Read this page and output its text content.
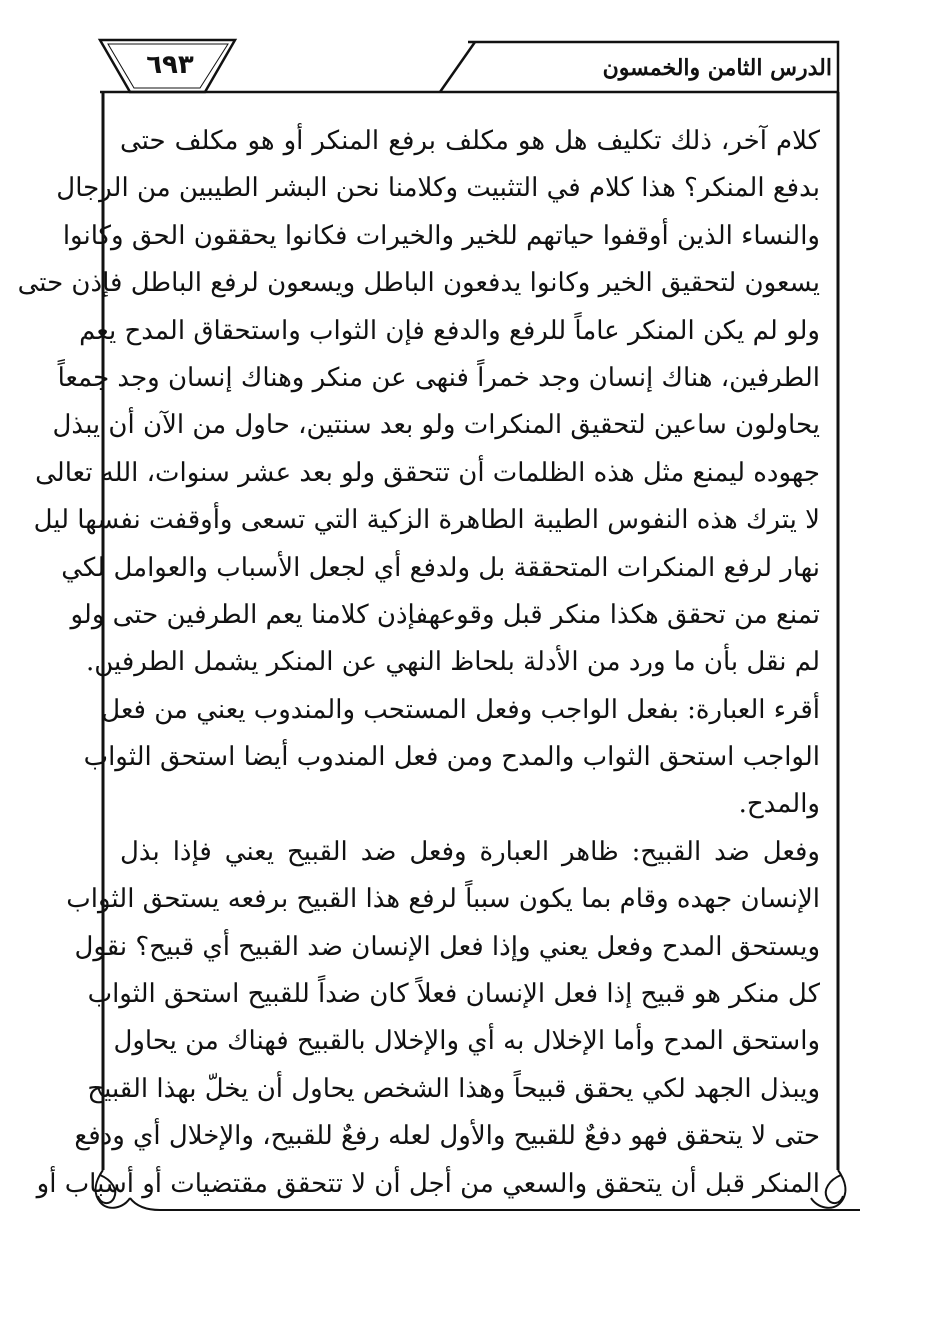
الدرس الثامن والخمسون
٦٩٣
كلام آخر، ذلك تكليف هل هو مكلف برفع المنكر أو هو مكلف حتى
بدفع المنكر؟ هذا كلام في التثبيت وكلامنا نحن البشر الطيبين من الرجال
والنساء الذين أوقفوا حياتهم للخير والخيرات فكانوا يحققون الحق وكانوا
يسعون لتحقيق الخير وكانوا يدفعون الباطل ويسعون لرفع الباطل فإذن حتى
ولو لم يكن المنكر عاماً للرفع والدفع فإن الثواب واستحقاق المدح يعم
الطرفين، هناك إنسان وجد خمراً فنهى عن منكر وهناك إنسان وجد جمعاً
يحاولون ساعين لتحقيق المنكرات ولو بعد سنتين، حاول من الآن أن يبذل
جهوده ليمنع مثل هذه الظلمات أن تتحقق ولو بعد عشر سنوات، الله تعالى
لا يترك هذه النفوس الطيبة الطاهرة الزكية التي تسعى وأوقفت نفسها ليل
نهار لرفع المنكرات المتحققة بل ولدفع أي لجعل الأسباب والعوامل لكي
تمنع من تحقق هكذا منكر قبل وقوعهفإذن كلامنا يعم الطرفين حتى ولو
لم نقل بأن ما ورد من الأدلة بلحاظ النهي عن المنكر يشمل الطرفين.
أقرء العبارة: بفعل الواجب وفعل المستحب والمندوب يعني من فعل
الواجب استحق الثواب والمدح ومن فعل المندوب أيضا استحق الثواب
والمدح.
وفعل ضد القبيح: ظاهر العبارة وفعل ضد القبيح يعني فإذا بذل
الإنسان جهده وقام بما يكون سبباً لرفع هذا القبيح برفعه يستحق الثواب
ويستحق المدح وفعل يعني وإذا فعل الإنسان ضد القبيح أي قبيح؟ نقول
كل منكر هو قبيح إذا فعل الإنسان فعلاً كان ضداً للقبيح استحق الثواب
واستحق المدح وأما الإخلال به أي والإخلال بالقبيح فهناك من يحاول
ويبذل الجهد لكي يحقق قبيحاً وهذا الشخص يحاول أن يخلّ بهذا القبيح
حتى لا يتحقق فهو دفعٌ للقبيح والأول لعله رفعٌ للقبيح، والإخلال أي ودفع
المنكر قبل أن يتحقق والسعي من أجل أن لا تتحقق مقتضيات أو أسباب أو
